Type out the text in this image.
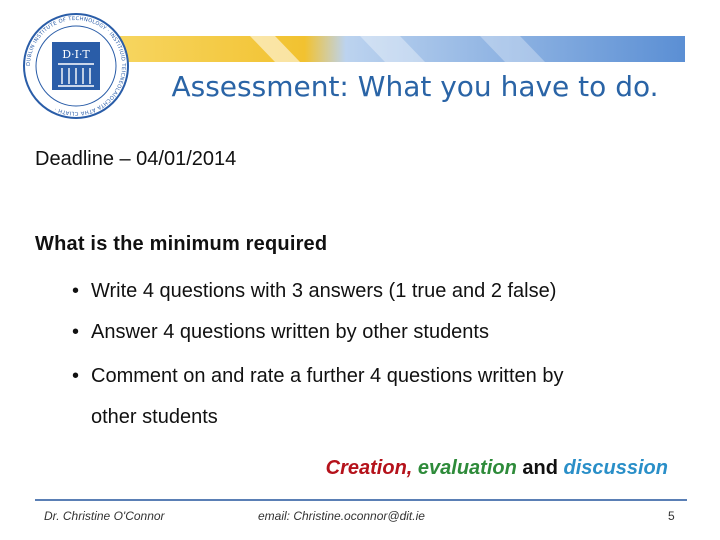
DUBLIN INSTITUTE OF TECHNOLOGY · INSTITIÚID TEICNEOLAÍOCHTA ÁTHA CLIATH ·
D·I·T
Assessment: What you have to do.
Deadline – 04/01/2014
What is the minimum required
• Write 4 questions with 3 answers (1 true and 2 false)
• Answer 4 questions written by other students
• Comment on and rate a further 4 questions written by
other students
Creation, evaluation and discussion
Dr. Christine O'Connor	email: Christine.oconnor@dit.ie	5
